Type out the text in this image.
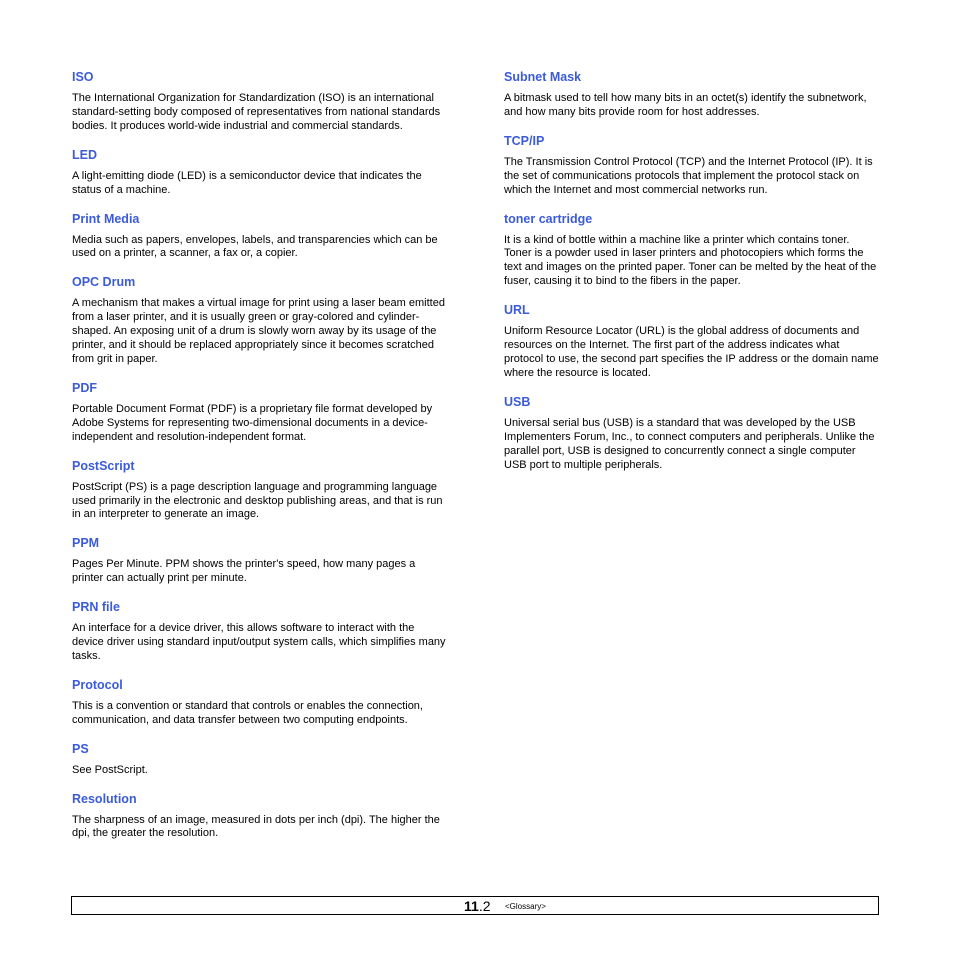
ISO

The International Organization for Standardization (ISO) is an international standard-setting body composed of representatives from national standards bodies. It produces world-wide industrial and commercial standards.

LED

A light-emitting diode (LED) is a semiconductor device that indicates the status of a machine.

Print Media

Media such as papers, envelopes, labels, and transparencies which can be used on a printer, a scanner, a fax or, a copier.

OPC Drum

A mechanism that makes a virtual image for print using a laser beam emitted from a laser printer, and it is usually green or gray-colored and cylinder-shaped. An exposing unit of a drum is slowly worn away by its usage of the printer, and it should be replaced appropriately since it becomes scratched from grit in paper.

PDF

Portable Document Format (PDF) is a proprietary file format developed by Adobe Systems for representing two-dimensional documents in a device-independent and resolution-independent format.

PostScript

PostScript (PS) is a page description language and programming language used primarily in the electronic and desktop publishing areas, and that is run in an interpreter to generate an image.

PPM

Pages Per Minute. PPM shows the printer's speed, how many pages a printer can actually print per minute.

PRN file

An interface for a device driver, this allows software to interact with the device driver using standard input/output system calls, which simplifies many tasks.

Protocol

This is a convention or standard that controls or enables the connection, communication, and data transfer between two computing endpoints.

PS

See PostScript.

Resolution

The sharpness of an image, measured in dots per inch (dpi). The higher the dpi, the greater the resolution.

Subnet Mask

A bitmask used to tell how many bits in an octet(s) identify the subnetwork, and how many bits provide room for host addresses.

TCP/IP

The Transmission Control Protocol (TCP) and the Internet Protocol (IP). It is the set of communications protocols that implement the protocol stack on which the Internet and most commercial networks run.

toner cartridge

It is a kind of bottle within a machine like a printer which contains toner. Toner is a powder used in laser printers and photocopiers which forms the text and images on the printed paper. Toner can be melted by the heat of the fuser, causing it to bind to the fibers in the paper.

URL

Uniform Resource Locator (URL) is the global address of documents and resources on the Internet. The first part of the address indicates what protocol to use, the second part specifies the IP address or the domain name where the resource is located.

USB

Universal serial bus (USB) is a standard that was developed by the USB Implementers Forum, Inc., to connect computers and peripherals. Unlike the parallel port, USB is designed to concurrently connect a single computer USB port to multiple peripherals.

11.2 <Glossary>
